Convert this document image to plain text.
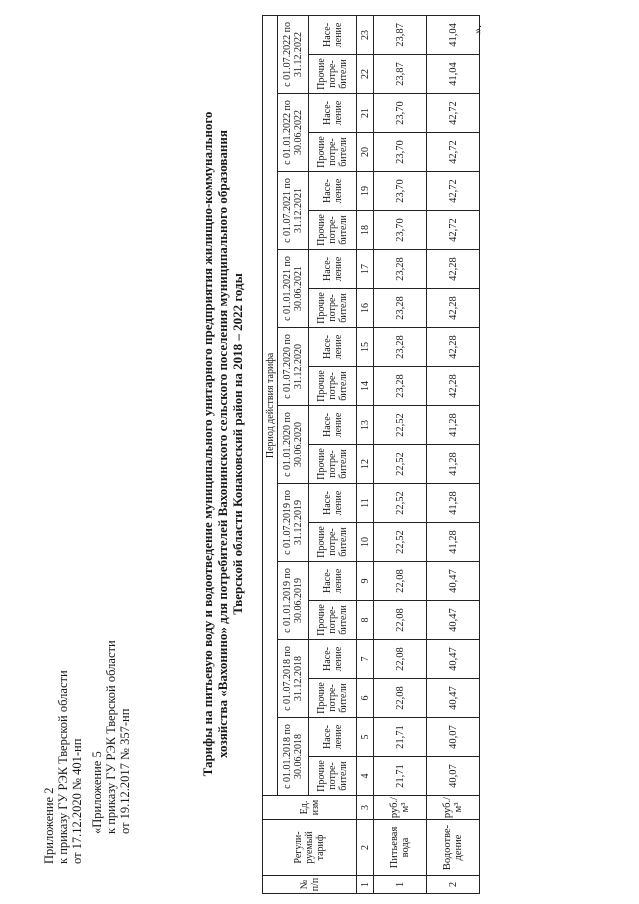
Приложение 2 к приказу ГУ РЭК Тверской области от 17.12.2020 № 401-нп «Приложение 5 к приказу ГУ РЭК Тверской области от 19.12.2017 № 357-нп	Тарифы на питьевую воду и водоотведение муниципального унитарного предприятия жилищно-коммунального хозяйства «Вахонино» для потребителей Вахонинского сельского поселения муниципального образования Тверской области Конаковский район на 2018 – 2022 годы
№ п/п	Регули-руемый тариф	Ед. изм	Период действия тарифа																			
			с 01.01.2018 по 30.06.2018		с 01.07.2018 по 31.12.2018		с 01.01.2019 по 30.06.2019		с 01.07.2019 по 31.12.2019		с 01.01.2020 по 30.06.2020		с 01.07.2020 по 31.12.2020		с 01.01.2021 по 30.06.2021		с 01.07.2021 по 31.12.2021		с 01.01.2022 по 30.06.2022		с 01.07.2022 по 31.12.2022	
			Прочие потре-бители	Насе-ление	Прочие потре-бители	Насе-ление	Прочие потре-бители	Насе-ление	Прочие потре-бители	Насе-ление	Прочие потре-бители	Насе-ление	Прочие потре-бители	Насе-ление	Прочие потре-бители	Насе-ление	Прочие потре-бители	Насе-ление	Прочие потре-бители	Насе-ление	Прочие потре-бители	Насе-ление
1	2	3	4	5	6	7	8	9	10	11	12	13	14	15	16	17	18	19	20	21	22	23
1	Питьевая вода	руб./м³	21,71	21,71	22,08	22,08	22,08	22,08	22,52	22,52	22,52	22,52	23,28	23,28	23,28	23,28	23,70	23,70	23,70	23,70	23,87	23,87
2	Водоотве-дение	руб./м³	40,07	40,07	40,47	40,47	40,47	40,47	41,28	41,28	41,28	41,28	42,28	42,28	42,28	42,28	42,72	42,72	42,72	42,72	41,04	41,04 ».
